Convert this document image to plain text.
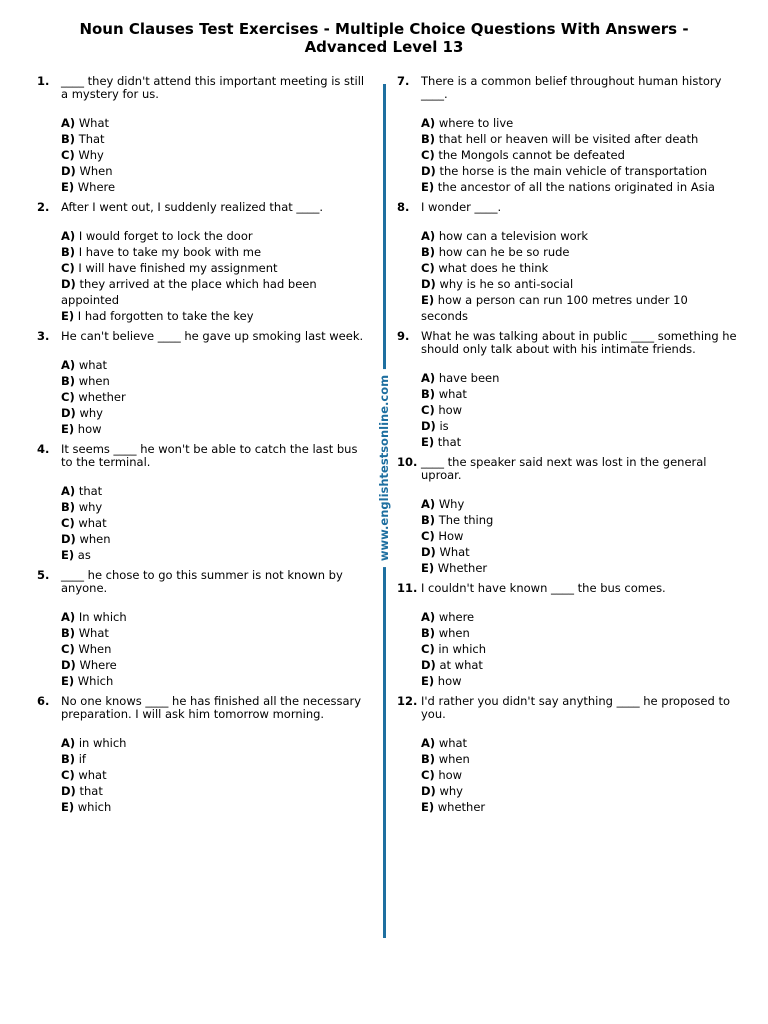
Noun Clauses Test Exercises - Multiple Choice Questions With Answers -
Advanced Level 13
1. ____ they didn't attend this important meeting is still a mystery for us.

A) What
B) That
C) Why
D) When
E) Where
2. After I went out, I suddenly realized that ____.

A) I would forget to lock the door
B) I have to take my book with me
C) I will have finished my assignment
D) they arrived at the place which had been appointed
E) I had forgotten to take the key
3. He can't believe ____ he gave up smoking last week.

A) what
B) when
C) whether
D) why
E) how
4. It seems ____ he won't be able to catch the last bus to the terminal.

A) that
B) why
C) what
D) when
E) as
5. ____ he chose to go this summer is not known by anyone.

A) In which
B) What
C) When
D) Where
E) Which
6. No one knows ____ he has finished all the necessary preparation. I will ask him tomorrow morning.

A) in which
B) if
C) what
D) that
E) which
7. There is a common belief throughout human history ____.

A) where to live
B) that hell or heaven will be visited after death
C) the Mongols cannot be defeated
D) the horse is the main vehicle of transportation
E) the ancestor of all the nations originated in Asia
8. I wonder ____.

A) how can a television work
B) how can he be so rude
C) what does he think
D) why is he so anti-social
E) how a person can run 100 metres under 10 seconds
9. What he was talking about in public ____ something he should only talk about with his intimate friends.

A) have been
B) what
C) how
D) is
E) that
10. ____ the speaker said next was lost in the general uproar.

A) Why
B) The thing
C) How
D) What
E) Whether
11. I couldn't have known ____ the bus comes.

A) where
B) when
C) in which
D) at what
E) how
12. I'd rather you didn't say anything ____ he proposed to you.

A) what
B) when
C) how
D) why
E) whether
www.englishtestsonline.com
